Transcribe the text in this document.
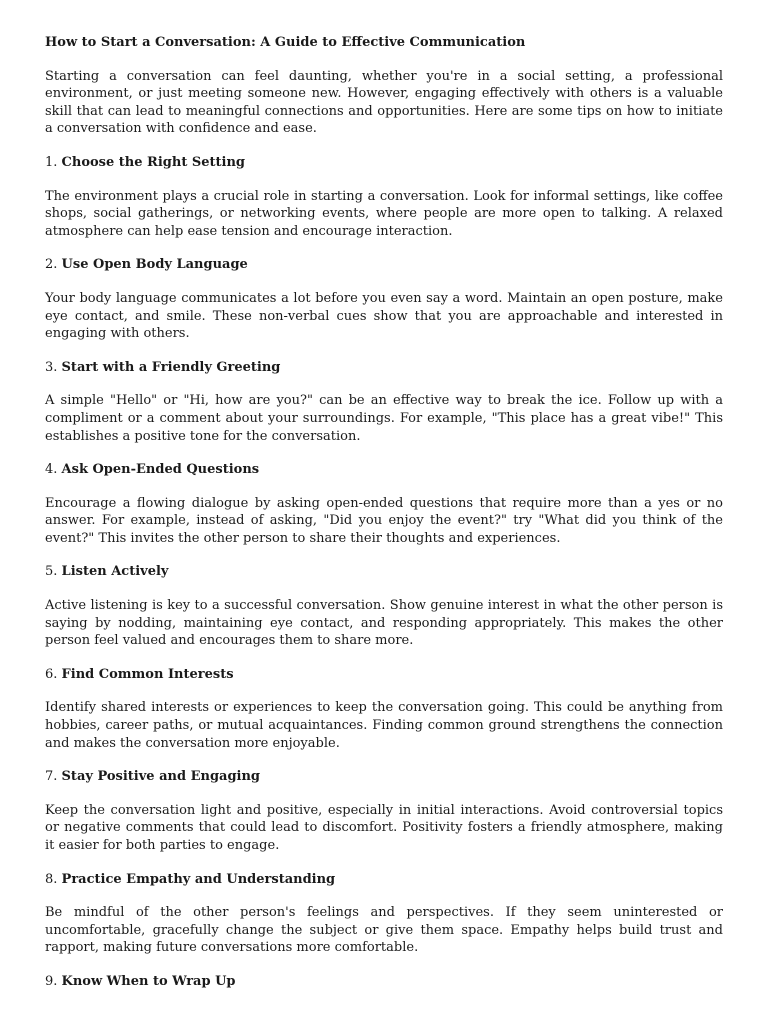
How to Start a Conversation: A Guide to Effective Communication

Starting a conversation can feel daunting, whether you're in a social setting, a professional environment, or just meeting someone new. However, engaging effectively with others is a valuable skill that can lead to meaningful connections and opportunities. Here are some tips on how to initiate a conversation with confidence and ease.

1. Choose the Right Setting

The environment plays a crucial role in starting a conversation. Look for informal settings, like coffee shops, social gatherings, or networking events, where people are more open to talking. A relaxed atmosphere can help ease tension and encourage interaction.

2. Use Open Body Language

Your body language communicates a lot before you even say a word. Maintain an open posture, make eye contact, and smile. These non-verbal cues show that you are approachable and interested in engaging with others.

3. Start with a Friendly Greeting

A simple "Hello" or "Hi, how are you?" can be an effective way to break the ice. Follow up with a compliment or a comment about your surroundings. For example, "This place has a great vibe!" This establishes a positive tone for the conversation.

4. Ask Open-Ended Questions

Encourage a flowing dialogue by asking open-ended questions that require more than a yes or no answer. For example, instead of asking, "Did you enjoy the event?" try "What did you think of the event?" This invites the other person to share their thoughts and experiences.

5. Listen Actively

Active listening is key to a successful conversation. Show genuine interest in what the other person is saying by nodding, maintaining eye contact, and responding appropriately. This makes the other person feel valued and encourages them to share more.

6. Find Common Interests

Identify shared interests or experiences to keep the conversation going. This could be anything from hobbies, career paths, or mutual acquaintances. Finding common ground strengthens the connection and makes the conversation more enjoyable.

7. Stay Positive and Engaging

Keep the conversation light and positive, especially in initial interactions. Avoid controversial topics or negative comments that could lead to discomfort. Positivity fosters a friendly atmosphere, making it easier for both parties to engage.

8. Practice Empathy and Understanding

Be mindful of the other person's feelings and perspectives. If they seem uninterested or uncomfortable, gracefully change the subject or give them space. Empathy helps build trust and rapport, making future conversations more comfortable.

9. Know When to Wrap Up
